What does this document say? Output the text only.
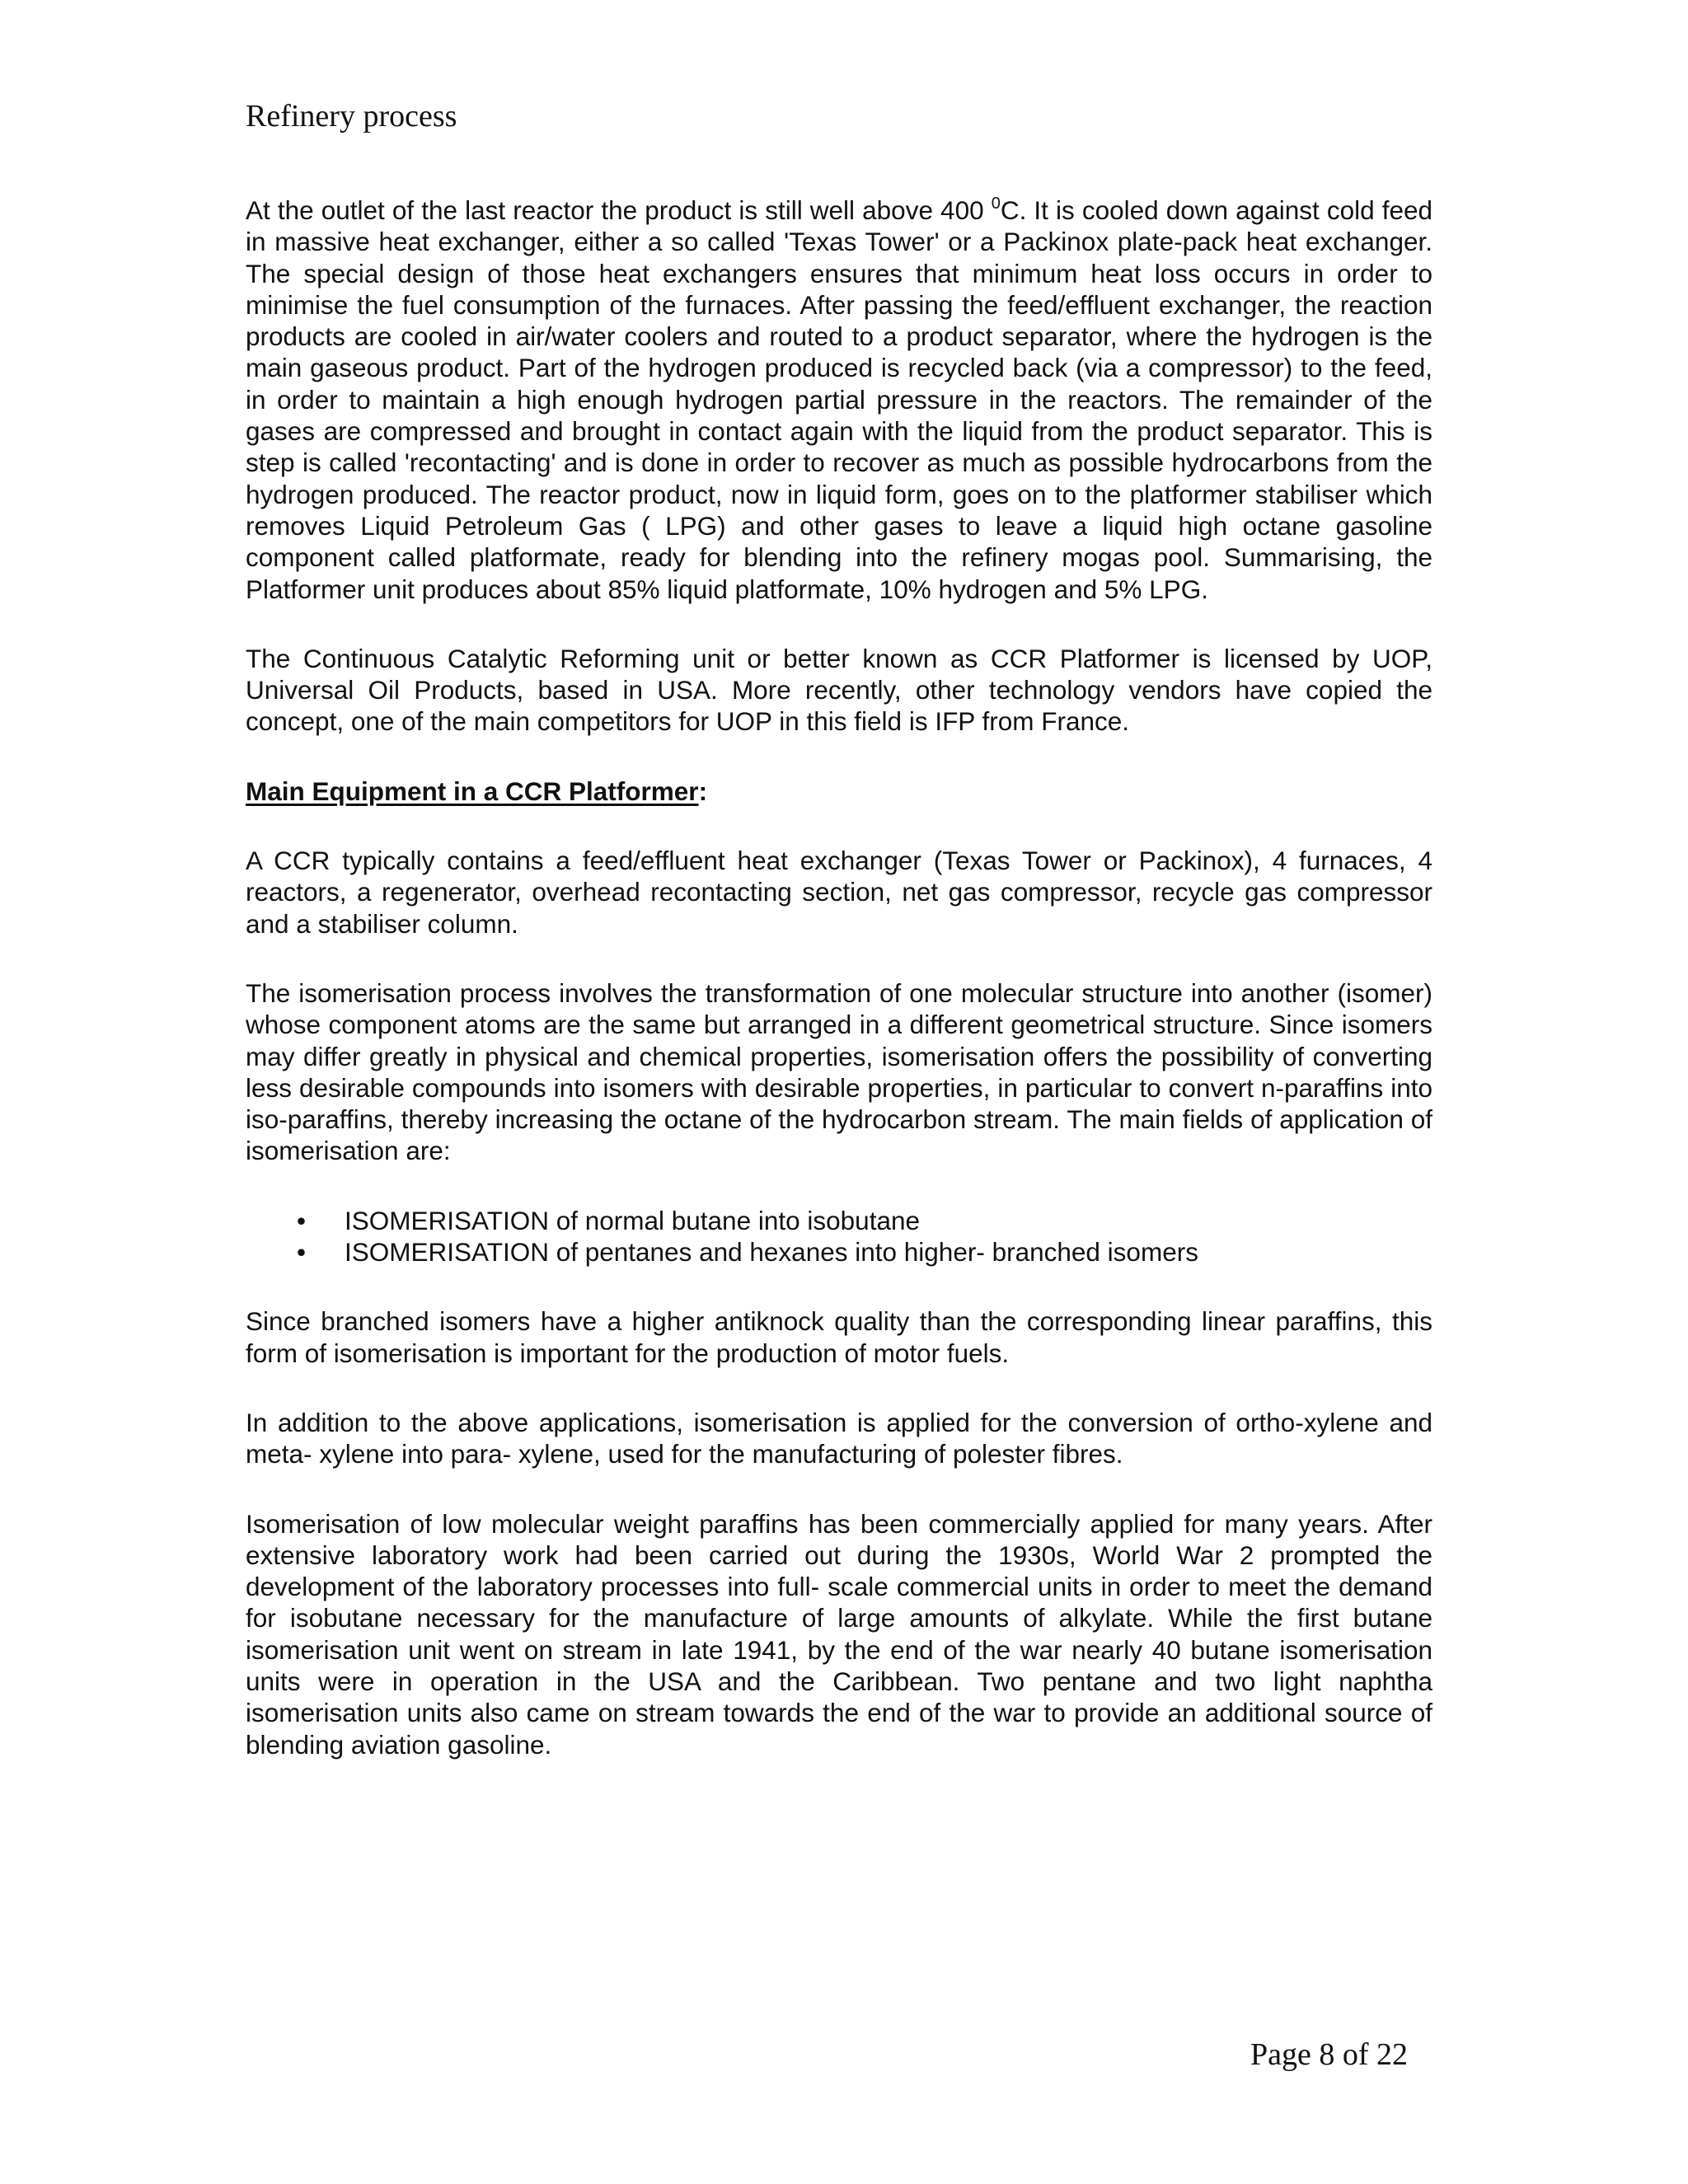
Refinery process

At the outlet of the last reactor the product is still well above 400 $^0$C. It is cooled down against cold feed in massive heat exchanger, either a so called 'Texas Tower' or a Packinox plate-pack heat exchanger. The special design of those heat exchangers ensures that minimum heat loss occurs in order to minimise the fuel consumption of the furnaces. After passing the feed/effluent exchanger, the reaction products are cooled in air/water coolers and routed to a product separator, where the hydrogen is the main gaseous product. Part of the hydrogen produced is recycled back (via a compressor) to the feed, in order to maintain a high enough hydrogen partial pressure in the reactors. The remainder of the gases are compressed and brought in contact again with the liquid from the product separator. This is step is called 'recontacting' and is done in order to recover as much as possible hydrocarbons from the hydrogen produced. The reactor product, now in liquid form, goes on to the platformer stabiliser which removes Liquid Petroleum Gas ( LPG) and other gases to leave a liquid high octane gasoline component called platformate, ready for blending into the refinery mogas pool. Summarising, the Platformer unit produces about 85% liquid platformate, 10% hydrogen and 5% LPG.

The Continuous Catalytic Reforming unit or better known as CCR Platformer is licensed by UOP, Universal Oil Products, based in USA. More recently, other technology vendors have copied the concept, one of the main competitors for UOP in this field is IFP from France.

Main Equipment in a CCR Platformer:

A CCR typically contains a feed/effluent heat exchanger (Texas Tower or Packinox), 4 furnaces, 4 reactors, a regenerator, overhead recontacting section, net gas compressor, recycle gas compressor and a stabiliser column.

The isomerisation process involves the transformation of one molecular structure into another (isomer) whose component atoms are the same but arranged in a different geometrical structure. Since isomers may differ greatly in physical and chemical properties, isomerisation offers the possibility of converting less desirable compounds into isomers with desirable properties, in particular to convert n-paraffins into iso-paraffins, thereby increasing the octane of the hydrocarbon stream. The main fields of application of isomerisation are:

• ISOMERISATION of normal butane into isobutane
• ISOMERISATION of pentanes and hexanes into higher- branched isomers

Since branched isomers have a higher antiknock quality than the corresponding linear paraffins, this form of isomerisation is important for the production of motor fuels.

In addition to the above applications, isomerisation is applied for the conversion of ortho-xylene and meta- xylene into para- xylene, used for the manufacturing of polester fibres.

Isomerisation of low molecular weight paraffins has been commercially applied for many years. After extensive laboratory work had been carried out during the 1930s, World War 2 prompted the development of the laboratory processes into full- scale commercial units in order to meet the demand for isobutane necessary for the manufacture of large amounts of alkylate. While the first butane isomerisation unit went on stream in late 1941, by the end of the war nearly 40 butane isomerisation units were in operation in the USA and the Caribbean. Two pentane and two light naphtha isomerisation units also came on stream towards the end of the war to provide an additional source of blending aviation gasoline.

Page 8 of 22
